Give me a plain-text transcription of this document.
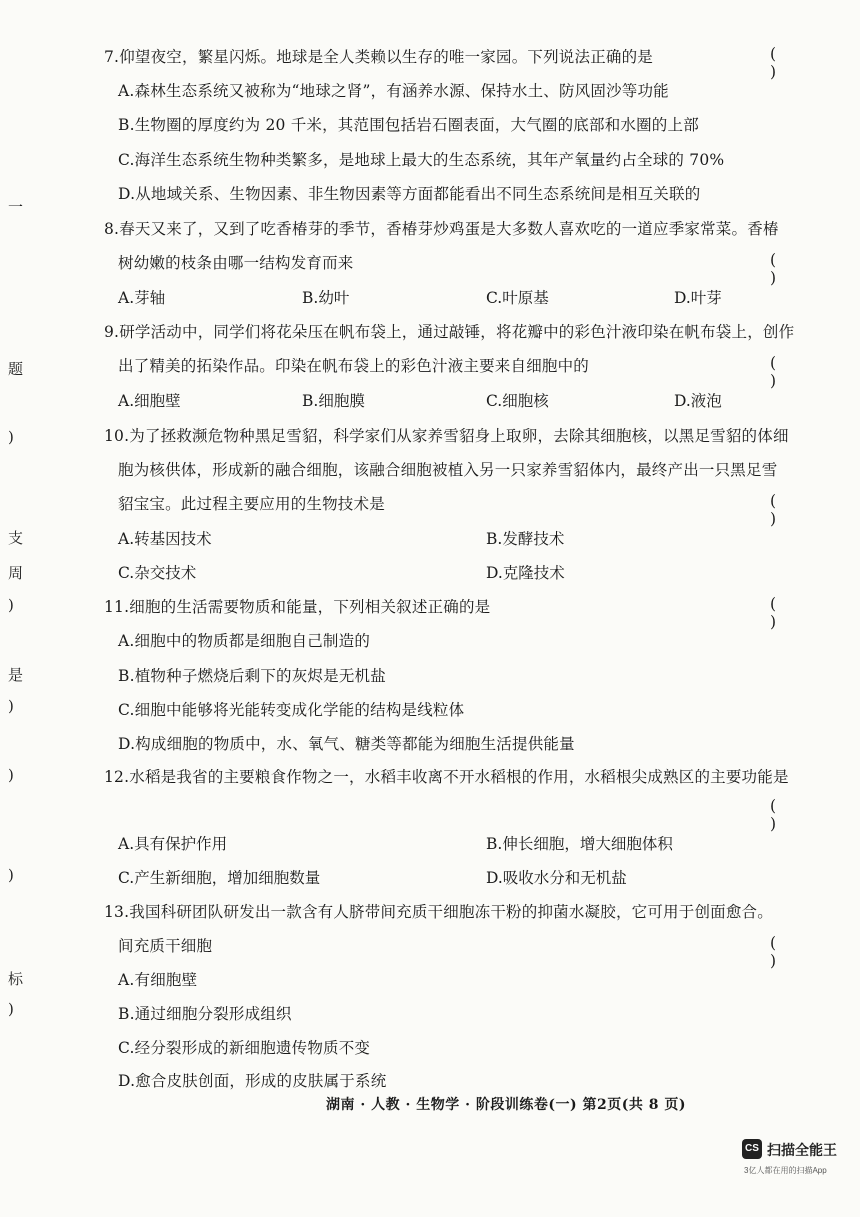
一
题
)
支
周
)
是
)
)
)
标
)
7.仰望夜空，繁星闪烁。地球是全人类赖以生存的唯一家园。下列说法正确的是	( )
A.森林生态系统又被称为“地球之肾”，有涵养水源、保持水土、防风固沙等功能
B.生物圈的厚度约为 20 千米，其范围包括岩石圈表面，大气圈的底部和水圈的上部
C.海洋生态系统生物种类繁多，是地球上最大的生态系统，其年产氧量约占全球的 70%
D.从地域关系、生物因素、非生物因素等方面都能看出不同生态系统间是相互关联的
8.春天又来了，又到了吃香椿芽的季节，香椿芽炒鸡蛋是大多数人喜欢吃的一道应季家常菜。香椿
树幼嫩的枝条由哪一结构发育而来	( )
A.芽轴	B.幼叶	C.叶原基	D.叶芽
9.研学活动中，同学们将花朵压在帆布袋上，通过敲锤，将花瓣中的彩色汁液印染在帆布袋上，创作
出了精美的拓染作品。印染在帆布袋上的彩色汁液主要来自细胞中的	( )
A.细胞壁	B.细胞膜	C.细胞核	D.液泡
10.为了拯救濒危物种黑足雪貂，科学家们从家养雪貂身上取卵，去除其细胞核，以黑足雪貂的体细
胞为核供体，形成新的融合细胞，该融合细胞被植入另一只家养雪貂体内，最终产出一只黑足雪
貂宝宝。此过程主要应用的生物技术是	( )
A.转基因技术	B.发酵技术
C.杂交技术	D.克隆技术
11.细胞的生活需要物质和能量，下列相关叙述正确的是	( )
A.细胞中的物质都是细胞自己制造的
B.植物种子燃烧后剩下的灰烬是无机盐
C.细胞中能够将光能转变成化学能的结构是线粒体
D.构成细胞的物质中，水、氧气、糖类等都能为细胞生活提供能量
12.水稻是我省的主要粮食作物之一，水稻丰收离不开水稻根的作用，水稻根尖成熟区的主要功能是
( )
A.具有保护作用	B.伸长细胞，增大细胞体积
C.产生新细胞，增加细胞数量	D.吸收水分和无机盐
13.我国科研团队研发出一款含有人脐带间充质干细胞冻干粉的抑菌水凝胶，它可用于创面愈合。
间充质干细胞	( )
A.有细胞壁
B.通过细胞分裂形成组织
C.经分裂形成的新细胞遗传物质不变
D.愈合皮肤创面，形成的皮肤属于系统
湖南 · 人教 · 生物学 · 阶段训练卷(一) 第2页(共 8 页)
CS 扫描全能王
3亿人都在用的扫描App
